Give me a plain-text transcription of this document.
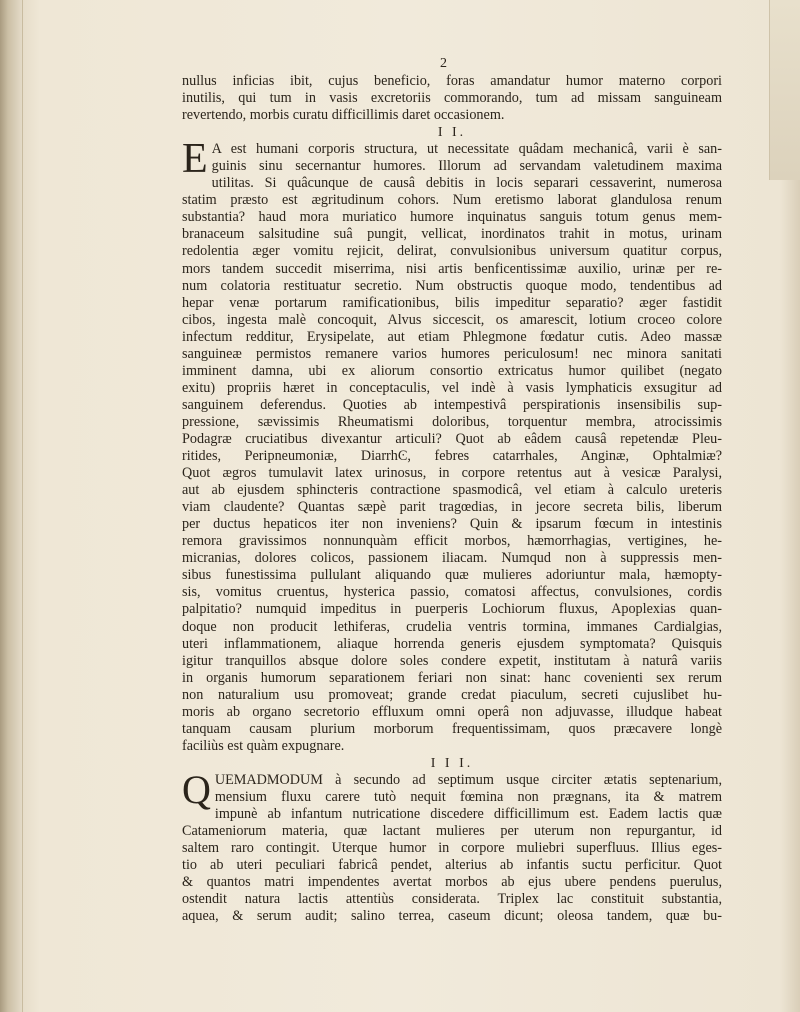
2
nullus inficias ibit, cujus beneficio, foras amandatur humor materno corpori
inutilis, qui tum in vasis excretoriis commorando, tum ad missam sanguineam
revertendo, morbis curatu difficillimis daret occasionem.
I I.
E A est humani corporis structura, ut necessitate quâdam mechanicâ, varii è san-
guinis sinu secernantur humores. Illorum ad servandam valetudinem maxima
utilitas. Si quâcunque de causâ debitis in locis separari cessaverint, numerosa
statim præsto est ægritudinum cohors. Num eretismo laborat glandulosa renum
substantia? haud mora muriatico humore inquinatus sanguis totum genus mem-
branaceum salsitudine suâ pungit, vellicat, inordinatos trahit in motus, urinam
redolentia æger vomitu rejicit, delirat, convulsionibus universum quatitur corpus,
mors tandem succedit miserrima, nisi artis benficentissimæ auxilio, urinæ per re-
num colatoria restituatur secretio. Num obstructis quoque modo, tendentibus ad
hepar venæ portarum ramificationibus, bilis impeditur separatio? æger fastidit
cibos, ingesta malè concoquit, Alvus siccescit, os amarescit, lotium croceo colore
infectum redditur, Erysipelate, aut etiam Phlegmone fœdatur cutis. Adeo massæ
sanguineæ permistos remanere varios humores periculosum! nec minora sanitati
imminent damna, ubi ex aliorum consortio extricatus humor quilibet (negato
exitu) propriis hæret in conceptaculis, vel indè à vasis lymphaticis exsugitur ad
sanguinem deferendus. Quoties ab intempestivâ perspirationis insensibilis sup-
pressione, sævissimis Rheumatismi doloribus, torquentur membra, atrocissimis
Podagræ cruciatibus divexantur articuli? Quot ab eâdem causâ repetendæ Pleu-
ritides, Peripneumoniæ, DiarrhϾ, febres catarrhales, Anginæ, Ophtalmiæ?
Quot ægros tumulavit latex urinosus, in corpore retentus aut à vesicæ Paralysi,
aut ab ejusdem sphincteris contractione spasmodicâ, vel etiam à calculo ureteris
viam claudente? Quantas sæpè parit tragœdias, in jecore secreta bilis, liberum
per ductus hepaticos iter non inveniens? Quin & ipsarum fœcum in intestinis
remora gravissimos nonnunquàm efficit morbos, hæmorrhagias, vertigines, he-
micranias, dolores colicos, passionem iliacam. Numqud non à suppressis men-
sibus funestissima pullulant aliquando quæ mulieres adoriuntur mala, hæmopty-
sis, vomitus cruentus, hysterica passio, comatosi affectus, convulsiones, cordis
palpitatio? numquid impeditus in puerperis Lochiorum fluxus, Apoplexias quan-
doque non producit lethiferas, crudelia ventris tormina, immanes Cardialgias,
uteri inflammationem, aliaque horrenda generis ejusdem symptomata? Quisquis
igitur tranquillos absque dolore soles condere expetit, institutam à naturâ variis
in organis humorum separationem feriari non sinat: hanc covenienti sex rerum
non naturalium usu promoveat; grande credat piaculum, secreti cujuslibet hu-
moris ab organo secretorio effluxum omni operâ non adjuvasse, illudque habeat
tanquam causam plurium morborum frequentissimam, quos præcavere longè
faciliùs est quàm expugnare.
I I I.
Q UEMADMODUM à secundo ad septimum usque circiter ætatis septenarium,
mensium fluxu carere tutò nequit fœmina non prægnans, ita & matrem
impunè ab infantum nutricatione discedere difficillimum est. Eadem lactis quæ
Catameniorum materia, quæ lactant mulieres per uterum non repurgantur, id
saltem raro contingit. Uterque humor in corpore muliebri superfluus. Illius eges-
tio ab uteri peculiari fabricâ pendet, alterius ab infantis suctu perficitur. Quot
& quantos matri impendentes avertat morbos ab ejus ubere pendens puerulus,
ostendit natura lactis attentiùs considerata. Triplex lac constituit substantia,
aquea, & serum audit; salino terrea, caseum dicunt; oleosa tandem, quæ bu-
